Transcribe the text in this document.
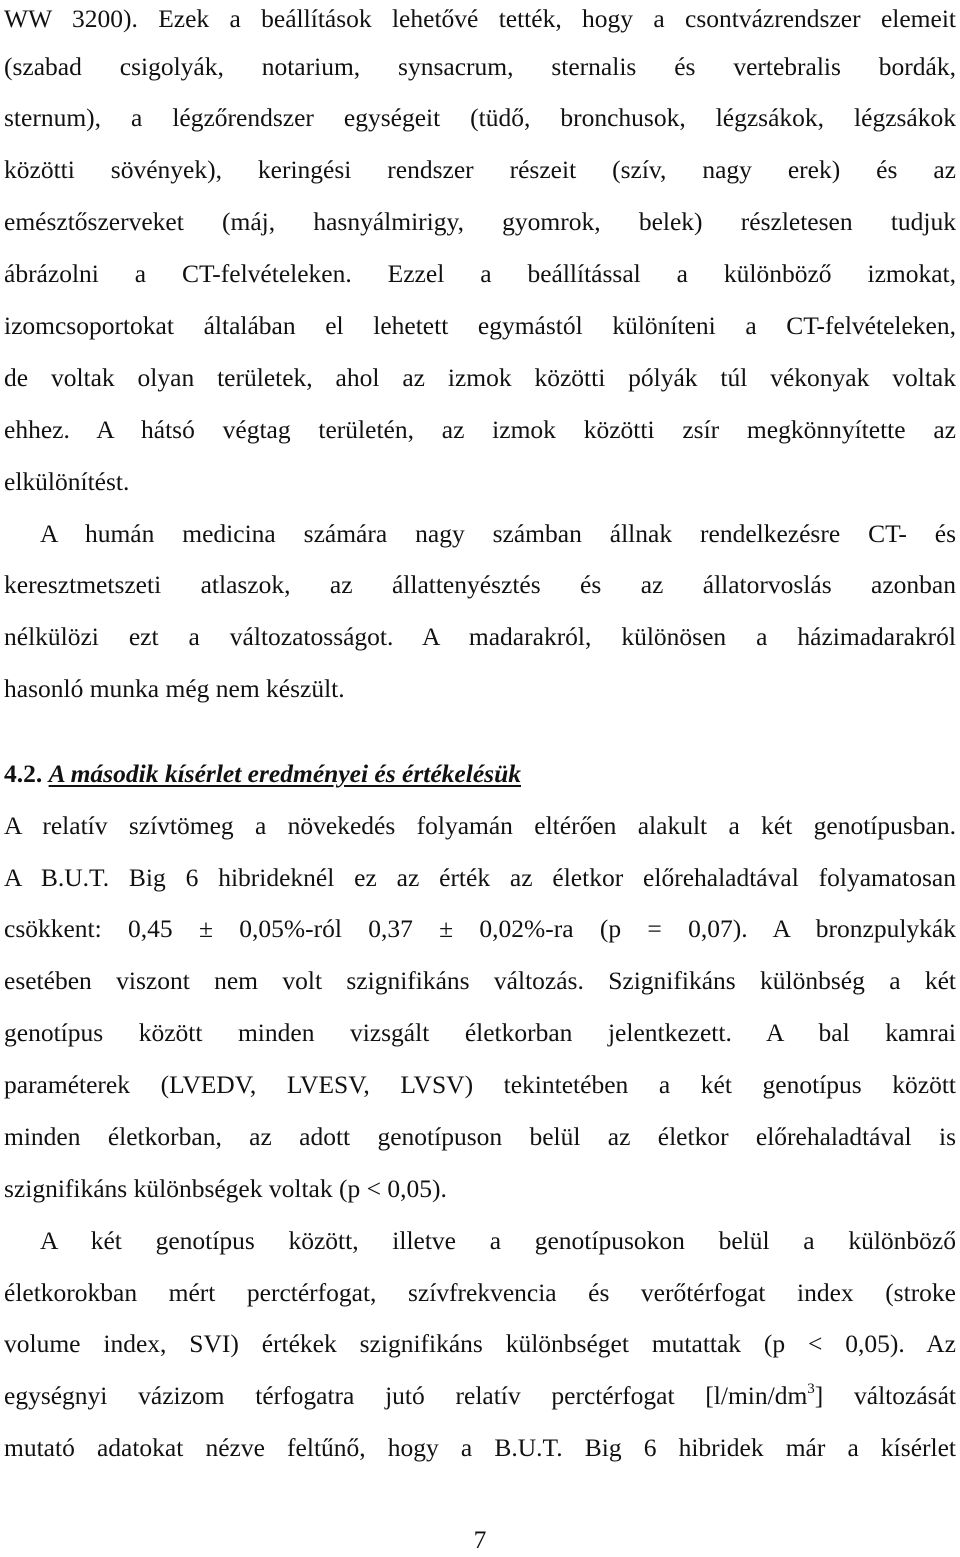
WW 3200). Ezek a beállítások lehetővé tették, hogy a csontvázrendszer elemeit

(szabad csigolyák, notarium, synsacrum, sternalis és vertebralis bordák,

sternum), a légzőrendszer egységeit (tüdő, bronchusok, légzsákok, légzsákok

közötti sövények), keringési rendszer részeit (szív, nagy erek) és az

emésztőszerveket (máj, hasnyálmirigy, gyomrok, belek) részletesen tudjuk

ábrázolni a CT-felvételeken. Ezzel a beállítással a különböző izmokat,

izomcsoportokat általában el lehetett egymástól különíteni a CT-felvételeken,

de voltak olyan területek, ahol az izmok közötti pólyák túl vékonyak voltak

ehhez. A hátsó végtag területén, az izmok közötti zsír megkönnyítette az

elkülönítést.

A humán medicina számára nagy számban állnak rendelkezésre CT- és

keresztmetszeti atlaszok, az állattenyésztés és az állatorvoslás azonban

nélkülözi ezt a változatosságot. A madarakról, különösen a házimadarakról

hasonló munka még nem készült.

4.2. A második kísérlet eredményei és értékelésük

A relatív szívtömeg a növekedés folyamán eltérően alakult a két genotípusban.

A B.U.T. Big 6 hibrideknél ez az érték az életkor előrehaladtával folyamatosan

csökkent: 0,45 ± 0,05%-ról 0,37 ± 0,02%-ra (p = 0,07). A bronzpulykák

esetében viszont nem volt szignifikáns változás. Szignifikáns különbség a két

genotípus között minden vizsgált életkorban jelentkezett. A bal kamrai

paraméterek (LVEDV, LVESV, LVSV) tekintetében a két genotípus között

minden életkorban, az adott genotípuson belül az életkor előrehaladtával is

szignifikáns különbségek voltak (p < 0,05).

A két genotípus között, illetve a genotípusokon belül a különböző

életkorokban mért perctérfogat, szívfrekvencia és verőtérfogat index (stroke

volume index, SVI) értékek szignifikáns különbséget mutattak (p < 0,05). Az

egységnyi vázizom térfogatra jutó relatív perctérfogat $[l/\min/dm^3]$ változását

mutató adatokat nézve feltűnő, hogy a B.U.T. Big 6 hibridek már a kísérlet

7
